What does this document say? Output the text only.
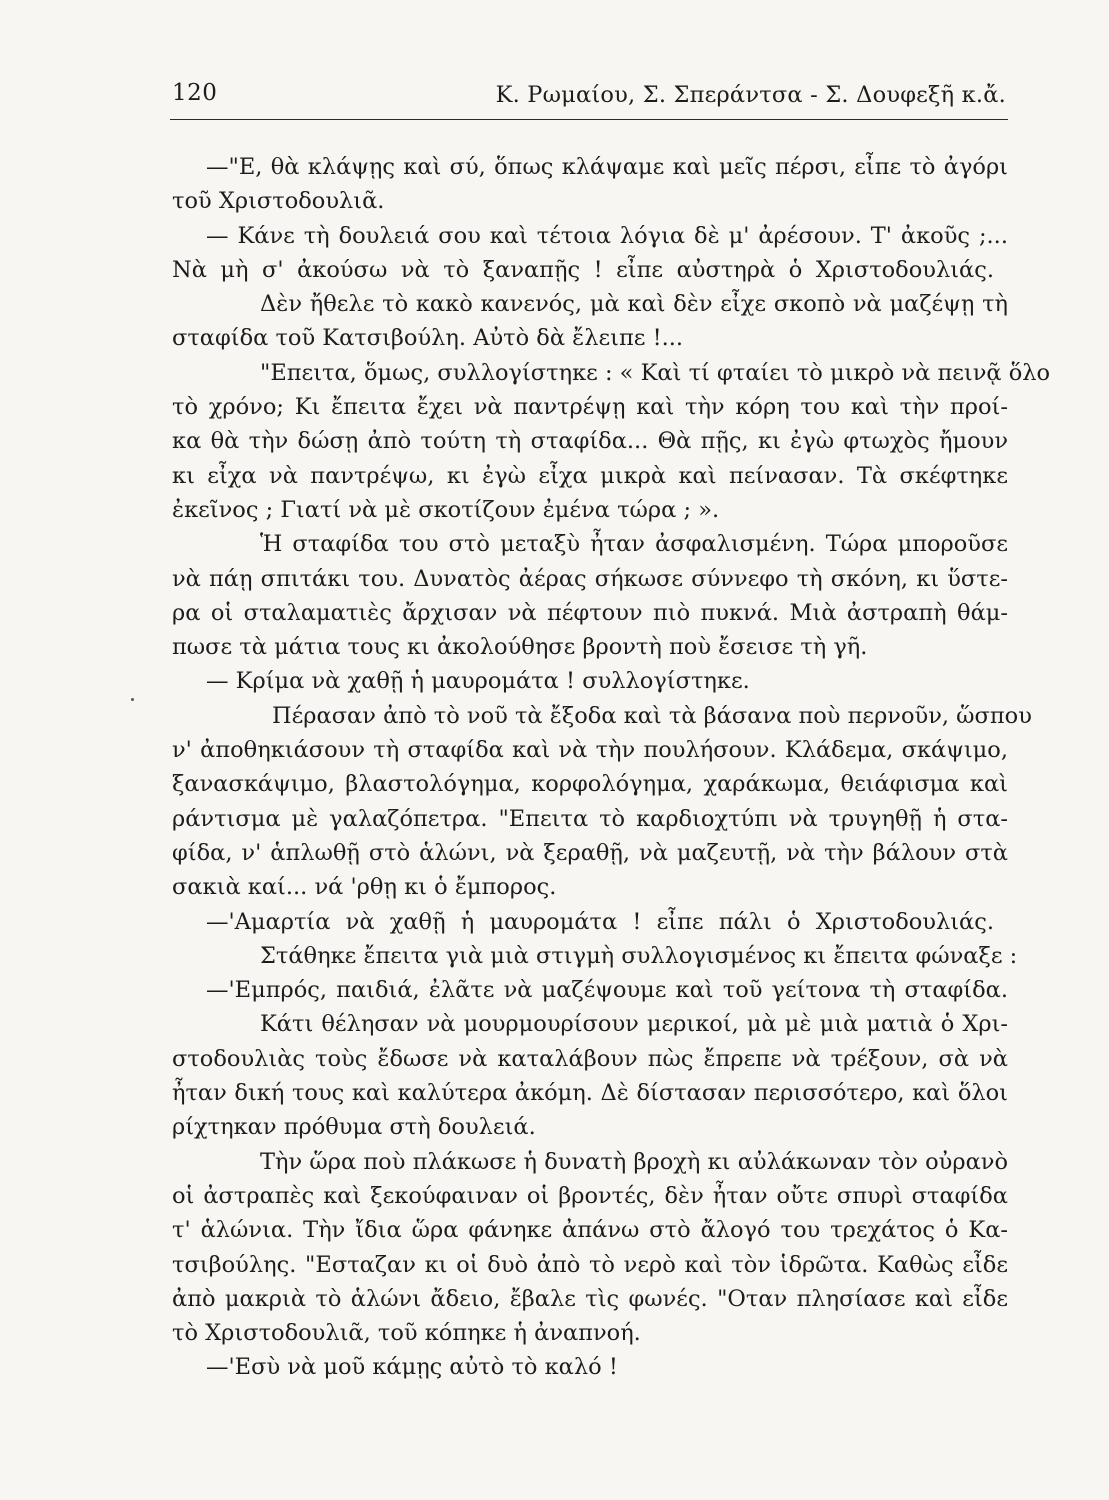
120	Κ. Ρωμαίου, Σ. Σπεράντσα - Σ. Δουφεξῆ κ.ἄ.
—"Ε, θὰ κλάψῃς καὶ σύ, ὅπως κλάψαμε καὶ μεῖς πέρσι, εἶπε τὸ ἀγόρι
τοῦ Χριστοδουλιᾶ.
— Κάνε τὴ δουλειά σου καὶ τέτοια λόγια δὲ μ' ἀρέσουν. Τ' ἀκοῦς ;...
Νὰ μὴ σ' ἀκούσω νὰ τὸ ξαναπῇς ! εἶπε αὐστηρὰ ὁ Χριστοδουλιάς.
Δὲν ἤθελε τὸ κακὸ κανενός, μὰ καὶ δὲν εἶχε σκοπὸ νὰ μαζέψῃ τὴ
σταφίδα τοῦ Κατσιβούλη. Αὐτὸ δὰ ἔλειπε !...
"Επειτα, ὅμως, συλλογίστηκε : « Καὶ τί φταίει τὸ μικρὸ νὰ πεινᾷ ὅλο
τὸ χρόνο; Κι ἔπειτα ἔχει νὰ παντρέψῃ καὶ τὴν κόρη του καὶ τὴν προί-
κα θὰ τὴν δώσῃ ἀπὸ τούτη τὴ σταφίδα... Θὰ πῇς, κι ἐγὼ φτωχὸς ἤμουν
κι εἶχα νὰ παντρέψω, κι ἐγὼ εἶχα μικρὰ καὶ πείνασαν. Τὰ σκέφτηκε
ἐκεῖνος ; Γιατί νὰ μὲ σκοτίζουν ἐμένα τώρα ; ».
Ἡ σταφίδα του στὸ μεταξὺ ἦταν ἀσφαλισμένη. Τώρα μποροῦσε
νὰ πάῃ σπιτάκι του. Δυνατὸς ἀέρας σήκωσε σύννεφο τὴ σκόνη, κι ὕστε-
ρα οἱ σταλαματιὲς ἄρχισαν νὰ πέφτουν πιὸ πυκνά. Μιὰ ἀστραπὴ θάμ-
πωσε τὰ μάτια τους κι ἀκολούθησε βροντὴ ποὺ ἔσεισε τὴ γῆ.
— Κρίμα νὰ χαθῇ ἡ μαυρομάτα ! συλλογίστηκε.
Πέρασαν ἀπὸ τὸ νοῦ τὰ ἔξοδα καὶ τὰ βάσανα ποὺ περνοῦν, ὥσπου
ν' ἀποθηκιάσουν τὴ σταφίδα καὶ νὰ τὴν πουλήσουν. Κλάδεμα, σκάψιμο,
ξανασκάψιμο, βλαστολόγημα, κορφολόγημα, χαράκωμα, θειάφισμα καὶ
ράντισμα μὲ γαλαζόπετρα. "Επειτα τὸ καρδιοχτύπι νὰ τρυγηθῇ ἡ στα-
φίδα, ν' ἁπλωθῇ στὸ ἁλώνι, νὰ ξεραθῇ, νὰ μαζευτῇ, νὰ τὴν βάλουν στὰ
σακιὰ καί... νά 'ρθῃ κι ὁ ἔμπορος.
—'Αμαρτία νὰ χαθῇ ἡ μαυρομάτα ! εἶπε πάλι ὁ Χριστοδουλιάς.
Στάθηκε ἔπειτα γιὰ μιὰ στιγμὴ συλλογισμένος κι ἔπειτα φώναξε :
—'Εμπρός, παιδιά, ἐλᾶτε νὰ μαζέψουμε καὶ τοῦ γείτονα τὴ σταφίδα.
Κάτι θέλησαν νὰ μουρμουρίσουν μερικοί, μὰ μὲ μιὰ ματιὰ ὁ Χρι-
στοδουλιὰς τοὺς ἔδωσε νὰ καταλάβουν πὼς ἔπρεπε νὰ τρέξουν, σὰ νὰ
ἦταν δική τους καὶ καλύτερα ἀκόμη. Δὲ δίστασαν περισσότερο, καὶ ὅλοι
ρίχτηκαν πρόθυμα στὴ δουλειά.
Τὴν ὥρα ποὺ πλάκωσε ἡ δυνατὴ βροχὴ κι αὐλάκωναν τὸν οὐρανὸ
οἱ ἀστραπὲς καὶ ξεκούφαιναν οἱ βροντές, δὲν ἦταν οὔτε σπυρὶ σταφίδα
τ' ἁλώνια. Τὴν ἴδια ὥρα φάνηκε ἀπάνω στὸ ἄλογό του τρεχάτος ὁ Κα-
τσιβούλης. "Εσταζαν κι οἱ δυὸ ἀπὸ τὸ νερὸ καὶ τὸν ἱδρῶτα. Καθὼς εἶδε
ἀπὸ μακριὰ τὸ ἁλώνι ἄδειο, ἔβαλε τὶς φωνές. "Οταν πλησίασε καὶ εἶδε
τὸ Χριστοδουλιᾶ, τοῦ κόπηκε ἡ ἀναπνοή.
—'Εσὺ νὰ μοῦ κάμῃς αὐτὸ τὸ καλό !
